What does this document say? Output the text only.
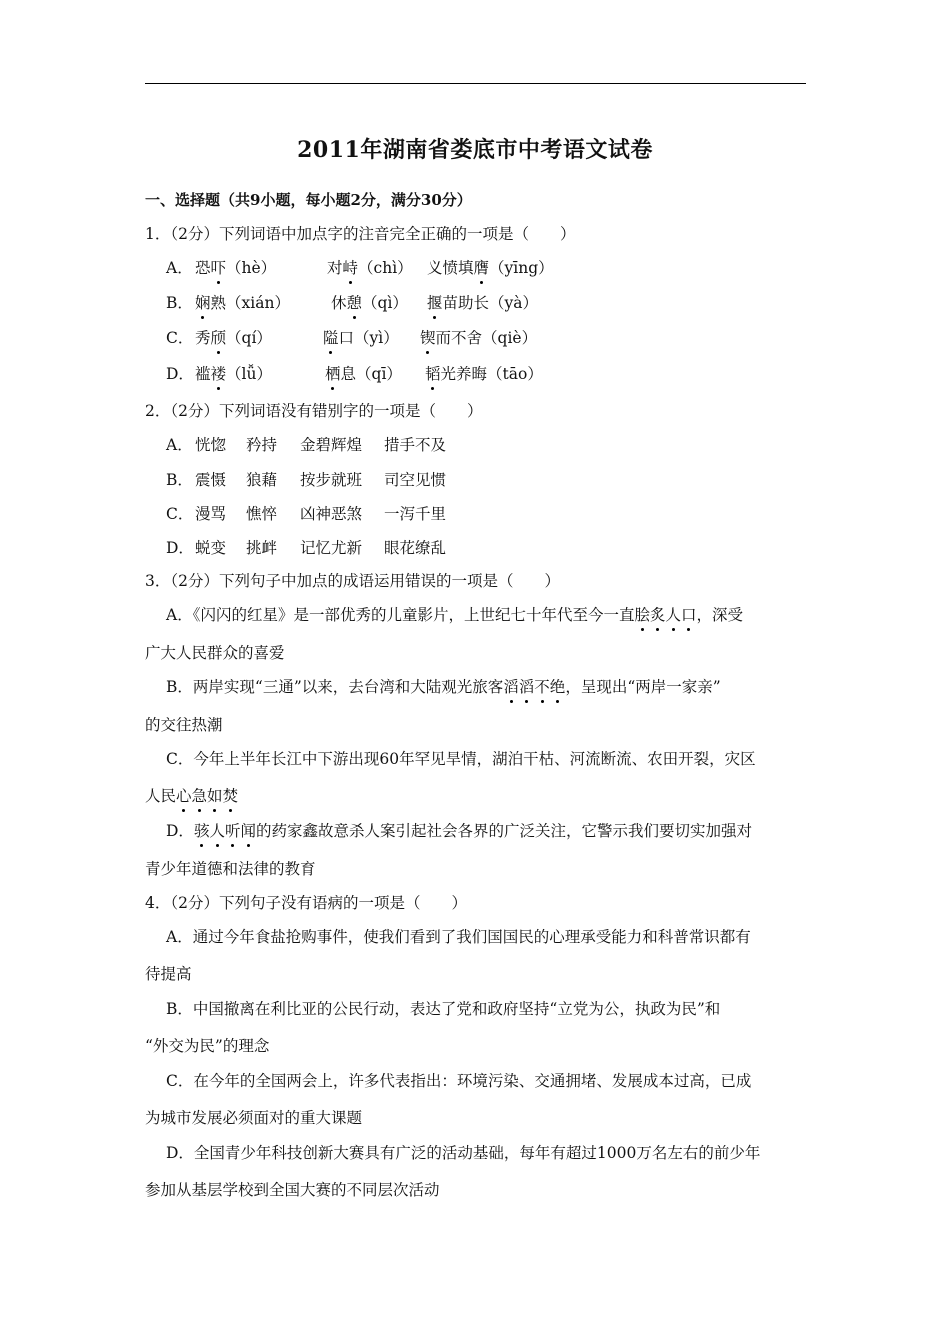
2011年湖南省娄底市中考语文试卷
一、选择题（共9小题，每小题2分，满分30分）
1．（2分）下列词语中加点字的注音完全正确的一项是（　　）
A． 恐吓（hè）	对峙（chì） 义愤填膺（yīng）
B． 娴熟（xián）	休憩（qì） 揠苗助长（yà）
C． 秀颀（qí）	隘口（yì） 锲而不舍（qiè）
D． 褴褛（lǚ）	栖息（qī） 韬光养晦（tāo）
2．（2分）下列词语没有错别字的一项是（　　）
A． 恍惚 矜持 金碧辉煌 措手不及
B． 震慑 狼藉 按步就班 司空见惯
C． 漫骂 憔悴 凶神恶煞 一泻千里
D． 蜕变 挑衅 记忆尤新 眼花缭乱
3．（2分）下列句子中加点的成语运用错误的一项是（　　）
A．《闪闪的红星》是一部优秀的儿童影片，上世纪七十年代至今一直脍炙人口，深受
广大人民群众的喜爱
B．两岸实现“三通”以来，去台湾和大陆观光旅客滔滔不绝，呈现出“两岸一家亲”
的交往热潮
C．今年上半年长江中下游出现60年罕见旱情，湖泊干枯、河流断流、农田开裂，灾区
人民心急如焚
D．骇人听闻的药家鑫故意杀人案引起社会各界的广泛关注，它警示我们要切实加强对
青少年道德和法律的教育
4．（2分）下列句子没有语病的一项是（　　）
A．通过今年食盐抢购事件，使我们看到了我们国国民的心理承受能力和科普常识都有
待提高
B．中国撤离在利比亚的公民行动，表达了党和政府坚持“立党为公，执政为民”和
“外交为民”的理念
C．在今年的全国两会上，许多代表指出：环境污染、交通拥堵、发展成本过高，已成
为城市发展必须面对的重大课题
D．全国青少年科技创新大赛具有广泛的活动基础，每年有超过1000万名左右的前少年
参加从基层学校到全国大赛的不同层次活动
